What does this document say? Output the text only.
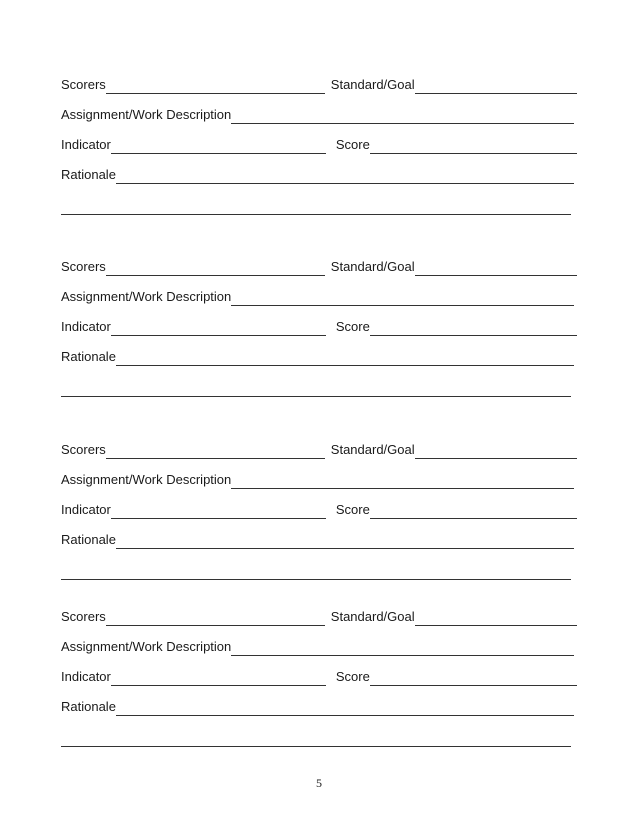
Scorers	Standard/Goal
Assignment/Work Description
Indicator	Score
Rationale
Scorers	Standard/Goal
Assignment/Work Description
Indicator	Score
Rationale
Scorers	Standard/Goal
Assignment/Work Description
Indicator	Score
Rationale
Scorers	Standard/Goal
Assignment/Work Description
Indicator	Score
Rationale
5
